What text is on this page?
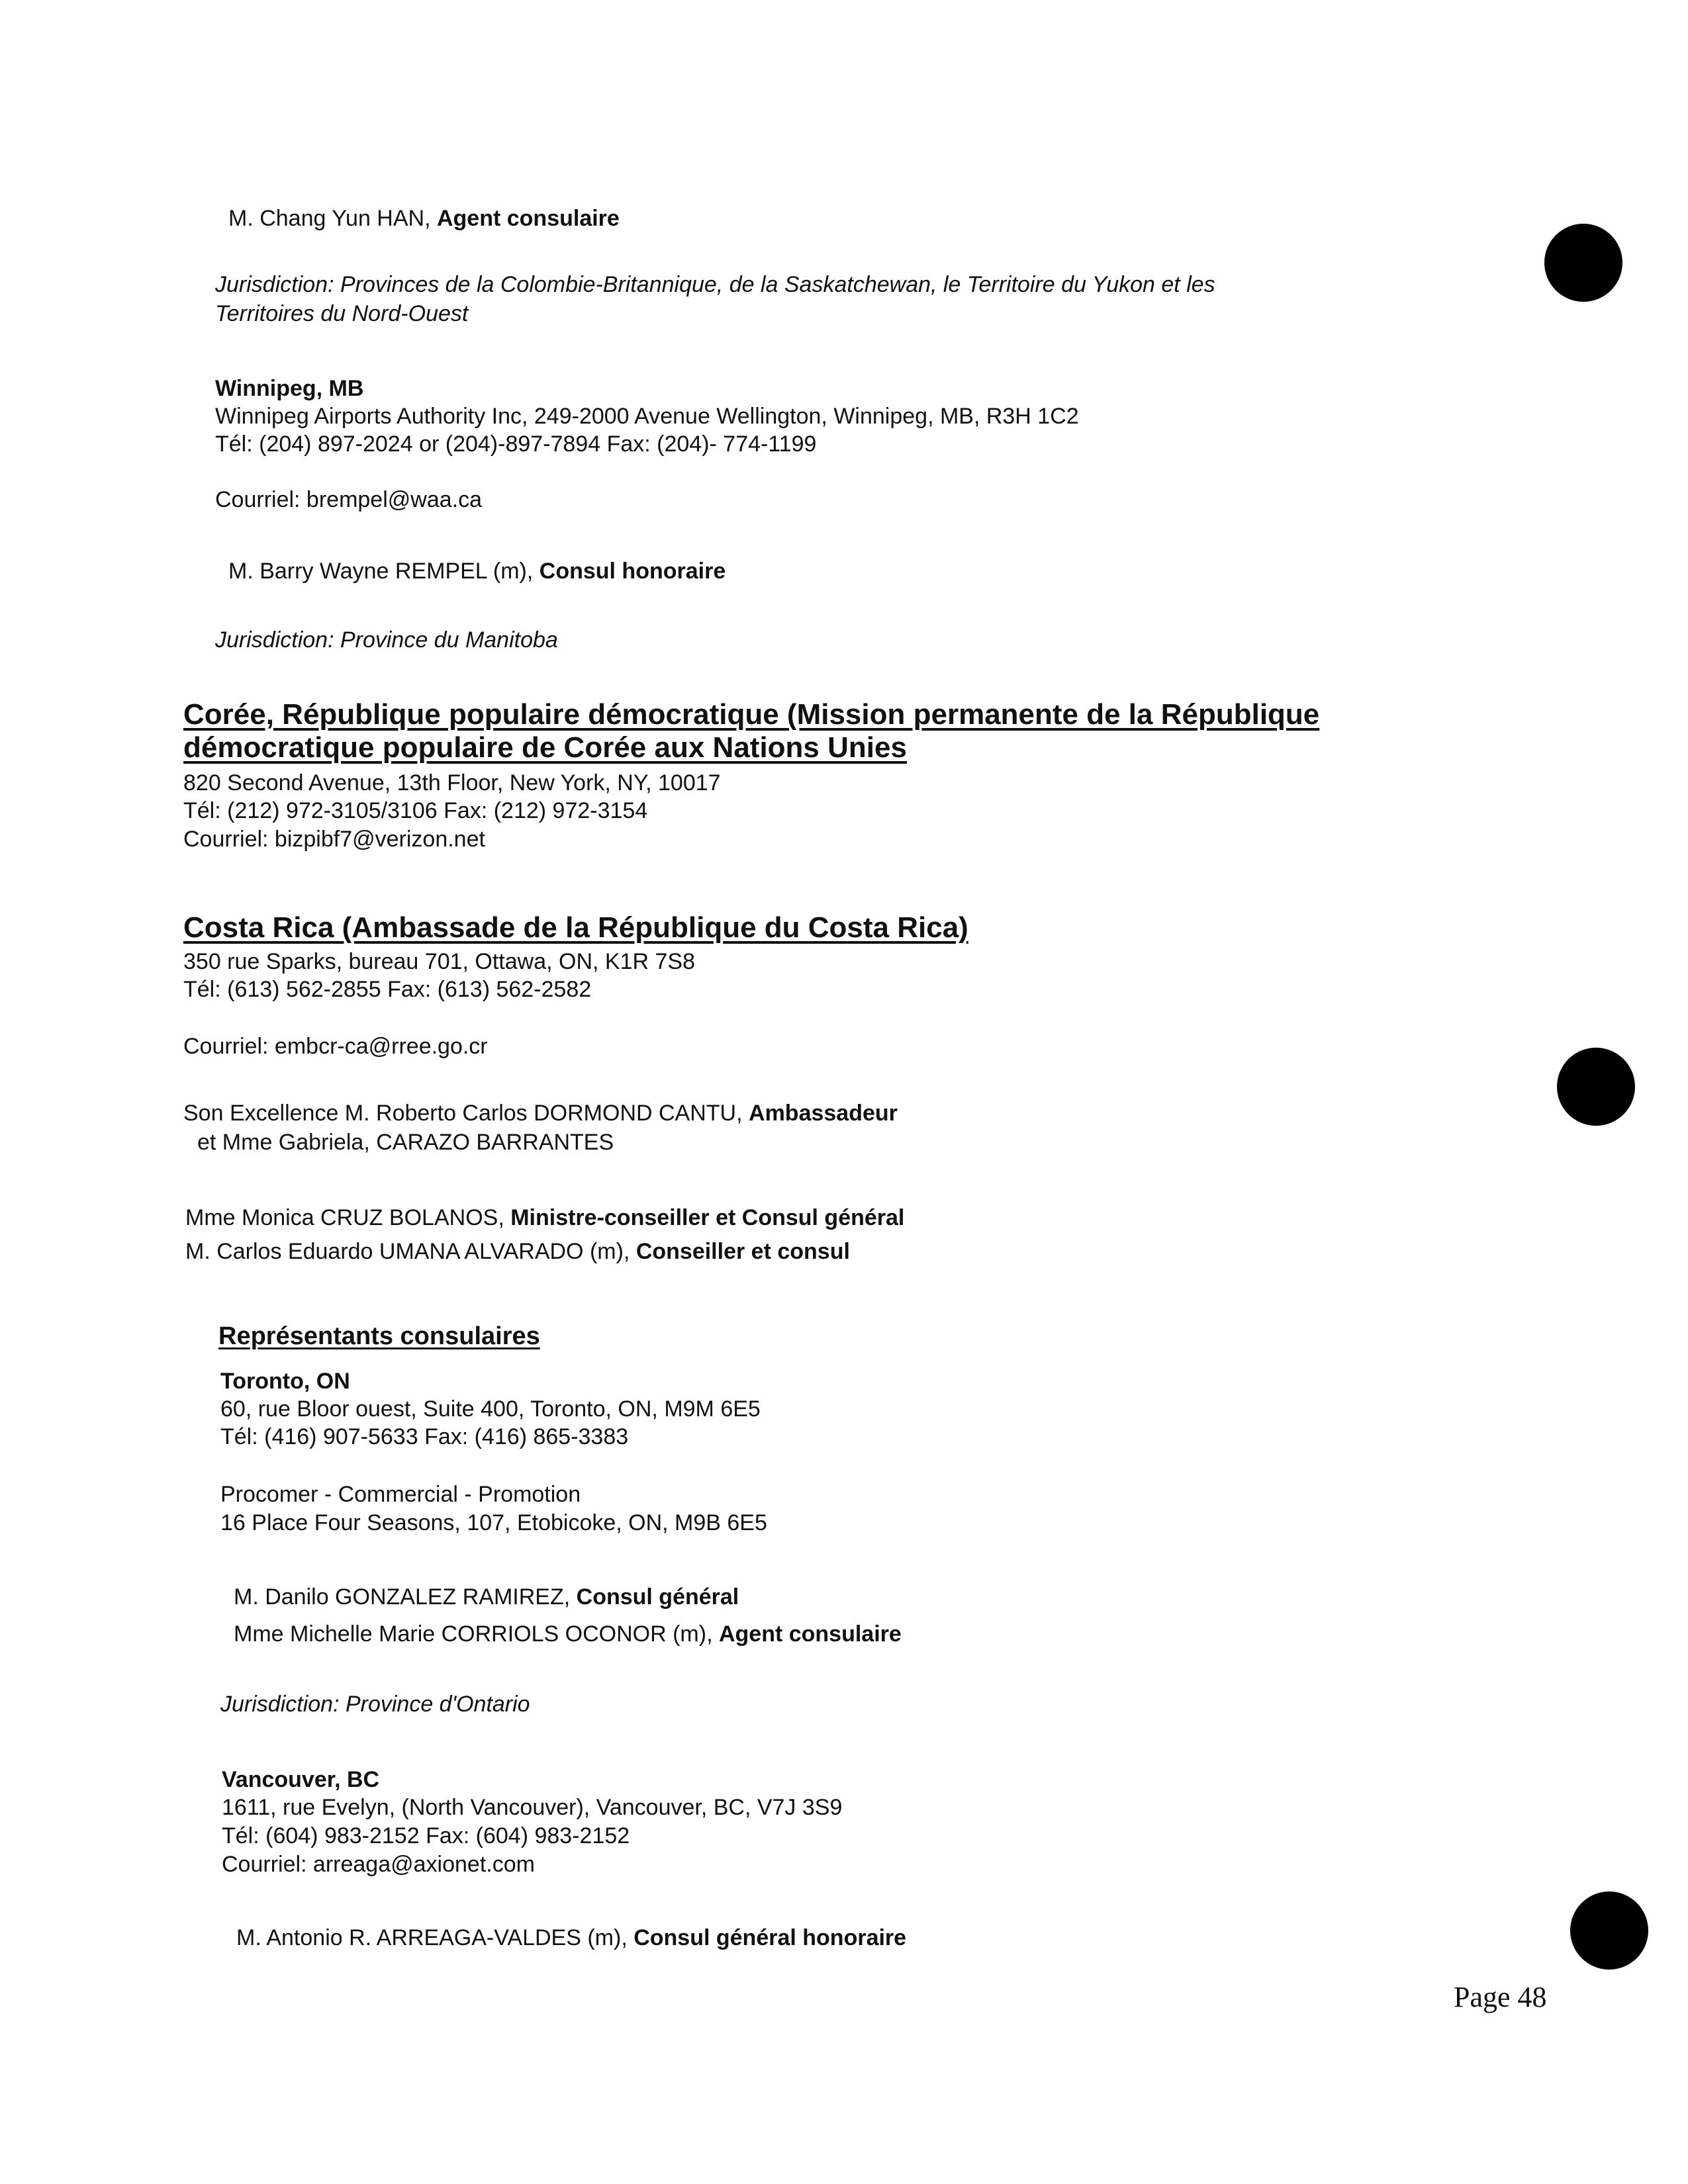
M. Chang Yun HAN, Agent consulaire
Jurisdiction: Provinces de la Colombie-Britannique, de la Saskatchewan, le Territoire du Yukon et les
Territoires du Nord-Ouest
Winnipeg, MB
Winnipeg Airports Authority Inc, 249-2000 Avenue Wellington, Winnipeg, MB, R3H 1C2
Tél: (204) 897-2024 or (204)-897-7894 Fax: (204)- 774-1199
Courriel: brempel@waa.ca
M. Barry Wayne REMPEL (m), Consul honoraire
Jurisdiction: Province du Manitoba
Corée, République populaire démocratique (Mission permanente de la République
démocratique populaire de Corée aux Nations Unies
820 Second Avenue, 13th Floor, New York, NY, 10017
Tél: (212) 972-3105/3106 Fax: (212) 972-3154
Courriel: bizpibf7@verizon.net
Costa Rica (Ambassade de la République du Costa Rica)
350 rue Sparks, bureau 701, Ottawa, ON, K1R 7S8
Tél: (613) 562-2855 Fax: (613) 562-2582
Courriel: embcr-ca@rree.go.cr
Son Excellence M. Roberto Carlos DORMOND CANTU, Ambassadeur
et Mme Gabriela, CARAZO BARRANTES
Mme Monica CRUZ BOLANOS, Ministre-conseiller et Consul général
M. Carlos Eduardo UMANA ALVARADO (m), Conseiller et consul
Représentants consulaires
Toronto, ON
60, rue Bloor ouest, Suite 400, Toronto, ON, M9M 6E5
Tél: (416) 907-5633 Fax: (416) 865-3383
Procomer - Commercial - Promotion
16 Place Four Seasons, 107, Etobicoke, ON, M9B 6E5
M. Danilo GONZALEZ RAMIREZ, Consul général
Mme Michelle Marie CORRIOLS OCONOR (m), Agent consulaire
Jurisdiction: Province d'Ontario
Vancouver, BC
1611, rue Evelyn, (North Vancouver), Vancouver, BC, V7J 3S9
Tél: (604) 983-2152 Fax: (604) 983-2152
Courriel: arreaga@axionet.com
M. Antonio R. ARREAGA-VALDES (m), Consul général honoraire
Page 48
